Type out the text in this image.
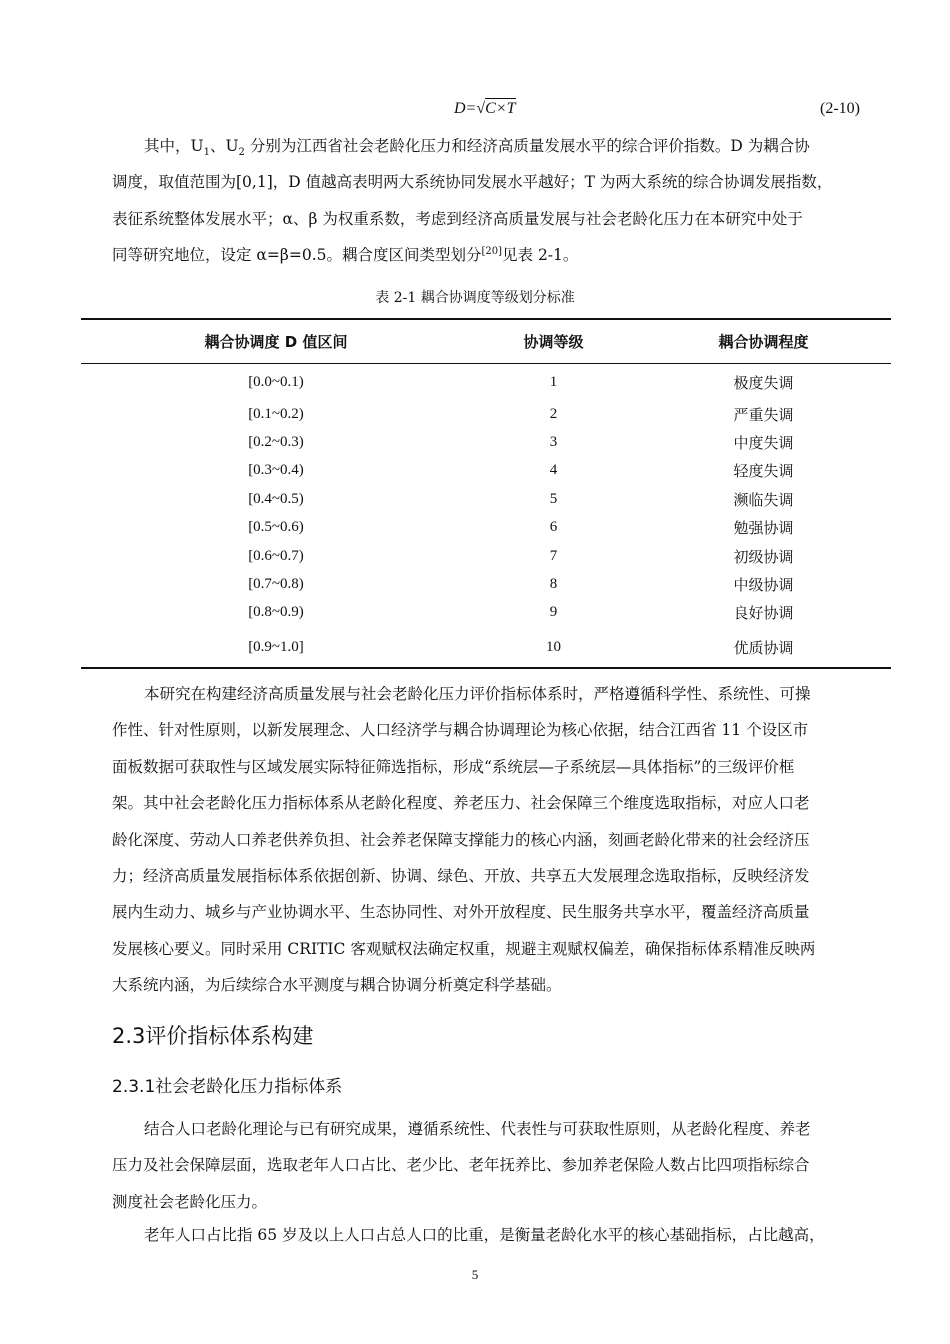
D=√C×T	(2-10)
其中，$U_1$、$U_2$ 分别为江西省社会老龄化压力和经济高质量发展水平的综合评价指数。D 为耦合协
调度，取值范围为[0,1]，D 值越高表明两大系统协同发展水平越好；T 为两大系统的综合协调发展指数，
表征系统整体发展水平；α、β 为权重系数，考虑到经济高质量发展与社会老龄化压力在本研究中处于
同等研究地位，设定 α=β=0.5。耦合度区间类型划分[20]见表 2-1。
表 2-1 耦合协调度等级划分标准
耦合协调度 D 值区间	协调等级	耦合协调程度
[0.0~0.1)	1	极度失调
[0.1~0.2)	2	严重失调
[0.2~0.3)	3	中度失调
[0.3~0.4)	4	轻度失调
[0.4~0.5)	5	濒临失调
[0.5~0.6)	6	勉强协调
[0.6~0.7)	7	初级协调
[0.7~0.8)	8	中级协调
[0.8~0.9)	9	良好协调
[0.9~1.0]	10	优质协调
本研究在构建经济高质量发展与社会老龄化压力评价指标体系时，严格遵循科学性、系统性、可操
作性、针对性原则，以新发展理念、人口经济学与耦合协调理论为核心依据，结合江西省 11 个设区市
面板数据可获取性与区域发展实际特征筛选指标，形成“系统层—子系统层—具体指标”的三级评价框
架。其中社会老龄化压力指标体系从老龄化程度、养老压力、社会保障三个维度选取指标，对应人口老
龄化深度、劳动人口养老供养负担、社会养老保障支撑能力的核心内涵，刻画老龄化带来的社会经济压
力；经济高质量发展指标体系依据创新、协调、绿色、开放、共享五大发展理念选取指标，反映经济发
展内生动力、城乡与产业协调水平、生态协同性、对外开放程度、民生服务共享水平，覆盖经济高质量
发展核心要义。同时采用 CRITIC 客观赋权法确定权重，规避主观赋权偏差，确保指标体系精准反映两
大系统内涵，为后续综合水平测度与耦合协调分析奠定科学基础。
2.3评价指标体系构建
2.3.1社会老龄化压力指标体系
结合人口老龄化理论与已有研究成果，遵循系统性、代表性与可获取性原则，从老龄化程度、养老
压力及社会保障层面，选取老年人口占比、老少比、老年抚养比、参加养老保险人数占比四项指标综合
测度社会老龄化压力。
老年人口占比指 65 岁及以上人口占总人口的比重，是衡量老龄化水平的核心基础指标，占比越高，
5
